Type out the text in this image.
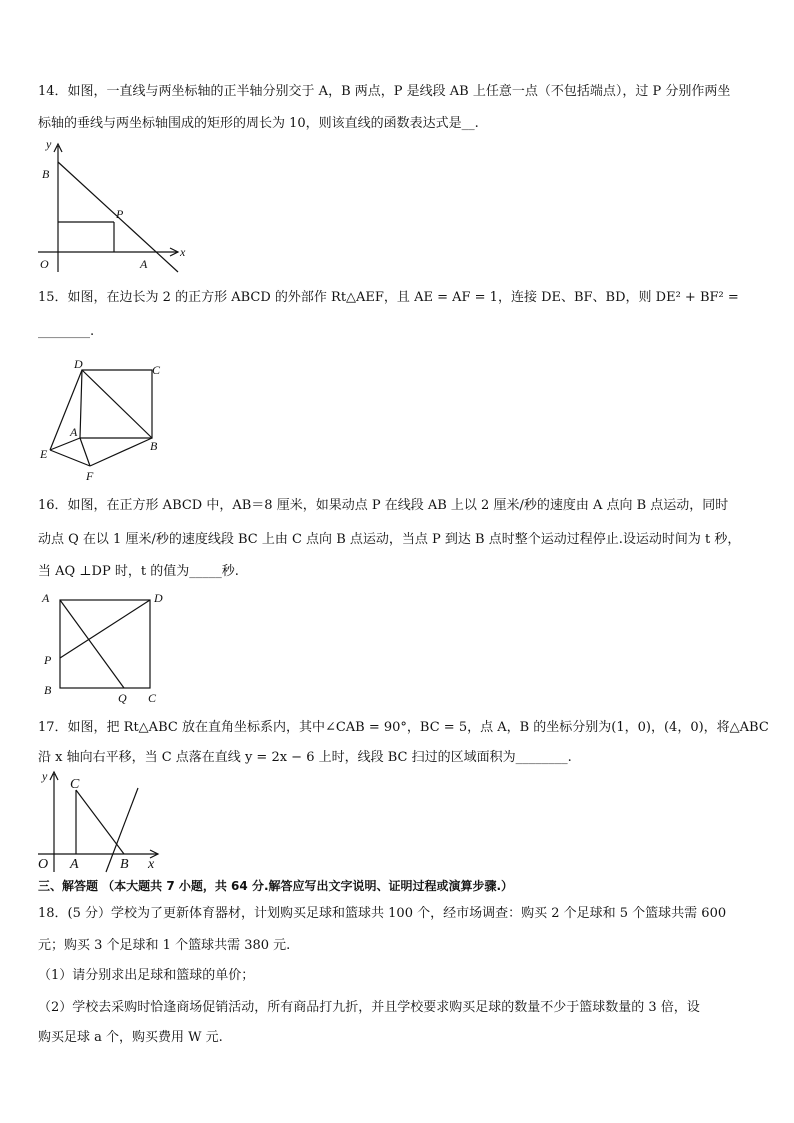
14．如图，一直线与两坐标轴的正半轴分别交于 A，B 两点，P 是线段 AB 上任意一点（不包括端点），过 P 分别作两坐
标轴的垂线与两坐标轴围成的矩形的周长为 10，则该直线的函数表达式是__.
y
x
O	A
B
P
15．如图，在边长为 2 的正方形 ABCD 的外部作 Rt△AEF，且 AE = AF = 1，连接 DE、BF、BD，则 DE² + BF² =
________.
D	C
A
B
E
F
16．如图，在正方形 ABCD 中，AB＝8 厘米，如果动点 P 在线段 AB 上以 2 厘米/秒的速度由 A 点向 B 点运动，同时
动点 Q 在以 1 厘米/秒的速度线段 BC 上由 C 点向 B 点运动，当点 P 到达 B 点时整个运动过程停止.设运动时间为 t 秒，
当 AQ ⊥DP 时，t 的值为_____秒.
A	D
P
B
Q C
17．如图，把 Rt△ABC 放在直角坐标系内，其中∠CAB = 90°，BC = 5，点 A，B 的坐标分别为(1，0)，(4，0)，将△ABC
沿 x 轴向右平移，当 C 点落在直线 y = 2x − 6 上时，线段 BC 扫过的区域面积为________.
y
x
O A	B
C
三、解答题 （本大题共 7 小题，共 64 分.解答应写出文字说明、证明过程或演算步骤.）
18．(5 分）学校为了更新体育器材，计划购买足球和篮球共 100 个，经市场调查：购买 2 个足球和 5 个篮球共需 600
元；购买 3 个足球和 1 个篮球共需 380 元.
（1）请分别求出足球和篮球的单价；
（2）学校去采购时恰逢商场促销活动，所有商品打九折，并且学校要求购买足球的数量不少于篮球数量的 3 倍，设
购买足球 a 个，购买费用 W 元.
